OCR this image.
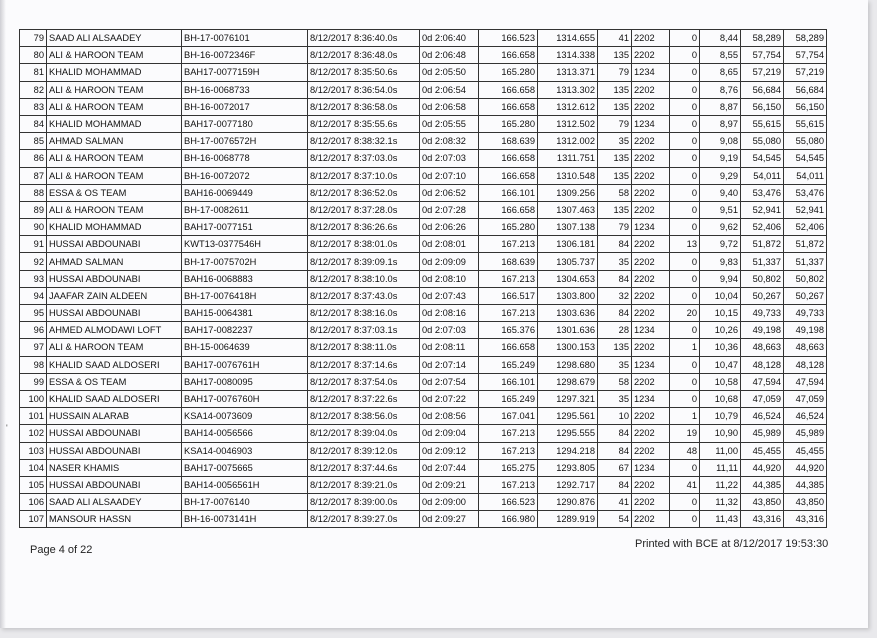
'
79	SAAD ALI ALSAADEY	BH-17-0076101	8/12/2017 8:36:40.0s	0d 2:06:40	166.523	1314.655	41	2202	0	8,44	58,289	58,289
80	ALI & HAROON TEAM	BH-16-0072346F	8/12/2017 8:36:48.0s	0d 2:06:48	166.658	1314.338	135	2202	0	8,55	57,754	57,754
81	KHALID MOHAMMAD	BAH17-0077159H	8/12/2017 8:35:50.6s	0d 2:05:50	165.280	1313.371	79	1234	0	8,65	57,219	57,219
82	ALI & HAROON TEAM	BH-16-0068733	8/12/2017 8:36:54.0s	0d 2:06:54	166.658	1313.302	135	2202	0	8,76	56,684	56,684
83	ALI & HAROON TEAM	BH-16-0072017	8/12/2017 8:36:58.0s	0d 2:06:58	166.658	1312.612	135	2202	0	8,87	56,150	56,150
84	KHALID MOHAMMAD	BAH17-0077180	8/12/2017 8:35:55.6s	0d 2:05:55	165.280	1312.502	79	1234	0	8,97	55,615	55,615
85	AHMAD SALMAN	BH-17-0076572H	8/12/2017 8:38:32.1s	0d 2:08:32	168.639	1312.002	35	2202	0	9,08	55,080	55,080
86	ALI & HAROON TEAM	BH-16-0068778	8/12/2017 8:37:03.0s	0d 2:07:03	166.658	1311.751	135	2202	0	9,19	54,545	54,545
87	ALI & HAROON TEAM	BH-16-0072072	8/12/2017 8:37:10.0s	0d 2:07:10	166.658	1310.548	135	2202	0	9,29	54,011	54,011
88	ESSA & OS TEAM	BAH16-0069449	8/12/2017 8:36:52.0s	0d 2:06:52	166.101	1309.256	58	2202	0	9,40	53,476	53,476
89	ALI & HAROON TEAM	BH-17-0082611	8/12/2017 8:37:28.0s	0d 2:07:28	166.658	1307.463	135	2202	0	9,51	52,941	52,941
90	KHALID MOHAMMAD	BAH17-0077151	8/12/2017 8:36:26.6s	0d 2:06:26	165.280	1307.138	79	1234	0	9,62	52,406	52,406
91	HUSSAI ABDOUNABI	KWT13-0377546H	8/12/2017 8:38:01.0s	0d 2:08:01	167.213	1306.181	84	2202	13	9,72	51,872	51,872
92	AHMAD SALMAN	BH-17-0075702H	8/12/2017 8:39:09.1s	0d 2:09:09	168.639	1305.737	35	2202	0	9,83	51,337	51,337
93	HUSSAI ABDOUNABI	BAH16-0068883	8/12/2017 8:38:10.0s	0d 2:08:10	167.213	1304.653	84	2202	0	9,94	50,802	50,802
94	JAAFAR ZAIN ALDEEN	BH-17-0076418H	8/12/2017 8:37:43.0s	0d 2:07:43	166.517	1303.800	32	2202	0	10,04	50,267	50,267
95	HUSSAI ABDOUNABI	BAH15-0064381	8/12/2017 8:38:16.0s	0d 2:08:16	167.213	1303.636	84	2202	20	10,15	49,733	49,733
96	AHMED ALMODAWI LOFT	BAH17-0082237	8/12/2017 8:37:03.1s	0d 2:07:03	165.376	1301.636	28	1234	0	10,26	49,198	49,198
97	ALI & HAROON TEAM	BH-15-0064639	8/12/2017 8:38:11.0s	0d 2:08:11	166.658	1300.153	135	2202	1	10,36	48,663	48,663
98	KHALID SAAD ALDOSERI	BAH17-0076761H	8/12/2017 8:37:14.6s	0d 2:07:14	165.249	1298.680	35	1234	0	10,47	48,128	48,128
99	ESSA & OS TEAM	BAH17-0080095	8/12/2017 8:37:54.0s	0d 2:07:54	166.101	1298.679	58	2202	0	10,58	47,594	47,594
100	KHALID SAAD ALDOSERI	BAH17-0076760H	8/12/2017 8:37:22.6s	0d 2:07:22	165.249	1297.321	35	1234	0	10,68	47,059	47,059
101	HUSSAIN ALARAB	KSA14-0073609	8/12/2017 8:38:56.0s	0d 2:08:56	167.041	1295.561	10	2202	1	10,79	46,524	46,524
102	HUSSAI ABDOUNABI	BAH14-0056566	8/12/2017 8:39:04.0s	0d 2:09:04	167.213	1295.555	84	2202	19	10,90	45,989	45,989
103	HUSSAI ABDOUNABI	KSA14-0046903	8/12/2017 8:39:12.0s	0d 2:09:12	167.213	1294.218	84	2202	48	11,00	45,455	45,455
104	NASER KHAMIS	BAH17-0075665	8/12/2017 8:37:44.6s	0d 2:07:44	165.275	1293.805	67	1234	0	11,11	44,920	44,920
105	HUSSAI ABDOUNABI	BAH14-0056561H	8/12/2017 8:39:21.0s	0d 2:09:21	167.213	1292.717	84	2202	41	11,22	44,385	44,385
106	SAAD ALI ALSAADEY	BH-17-0076140	8/12/2017 8:39:00.0s	0d 2:09:00	166.523	1290.876	41	2202	0	11,32	43,850	43,850
107	MANSOUR HASSN	BH-16-0073141H	8/12/2017 8:39:27.0s	0d 2:09:27	166.980	1289.919	54	2202	0	11,43	43,316	43,316
Page 4 of 22	Printed with BCE at 8/12/2017 19:53:30
